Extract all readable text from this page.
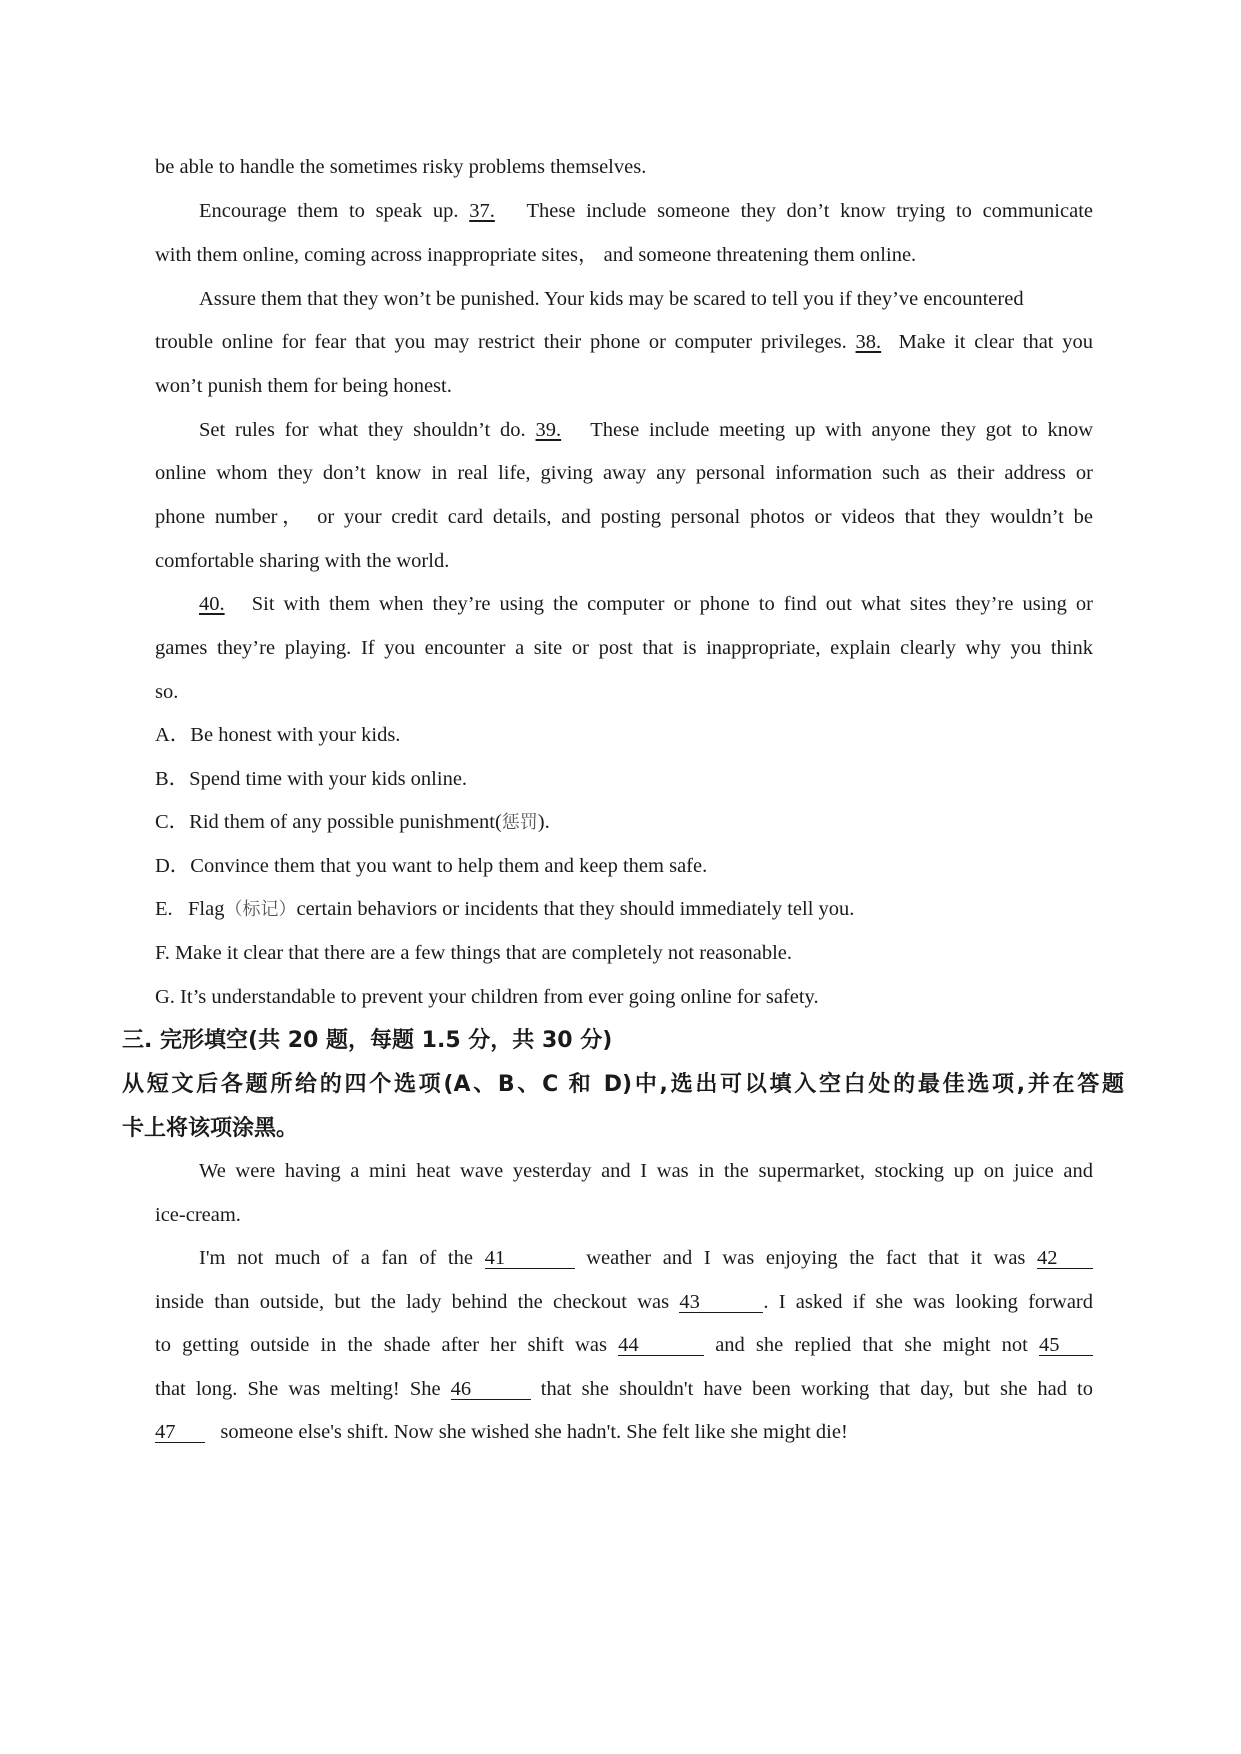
be able to handle the sometimes risky problems themselves.
Encourage them to speak up. 37. These include someone they don’t know trying to communicate
with them online, coming across inappropriate sites， and someone threatening them online.
Assure them that they won’t be punished. Your kids may be scared to tell you if they’ve encountered
trouble online for fear that you may restrict their phone or computer privileges. 38. Make it clear that you
won’t punish them for being honest.
Set rules for what they shouldn’t do. 39. These include meeting up with anyone they got to know
online whom they don’t know in real life, giving away any personal information such as their address or
phone number， or your credit card details, and posting personal photos or videos that they wouldn’t be
comfortable sharing with the world.
40. Sit with them when they’re using the computer or phone to find out what sites they’re using or
games they’re playing. If you encounter a site or post that is inappropriate, explain clearly why you think
so.
A．Be honest with your kids.
B．Spend time with your kids online.
C．Rid them of any possible punishment(惩罚).
D．Convince them that you want to help them and keep them safe.
E.   Flag（标记）certain behaviors or incidents that they should immediately tell you.
F. Make it clear that there are a few things that are completely not reasonable.
G. It’s understandable to prevent your children from ever going online for safety.
三. 完形填空(共 20 题，每题 1.5 分，共 30 分)
从短文后各题所给的四个选项(A、B、C 和 D)中,选出可以填入空白处的最佳选项,并在答题
卡上将该项涂黑。
We were having a mini heat wave yesterday and I was in the supermarket, stocking up on juice and
ice-cream.
I'm not much of a fan of the 41	weather and I was enjoying the fact that it was 42
inside than outside, but the lady behind the checkout was 43	. I asked if she was looking forward
to getting outside in the shade after her shift was 44	and she replied that she might not 45
that long. She was melting! She 46	that she shouldn't have been working that day, but she had to
47 someone else's shift. Now she wished she hadn't. She felt like she might die!
